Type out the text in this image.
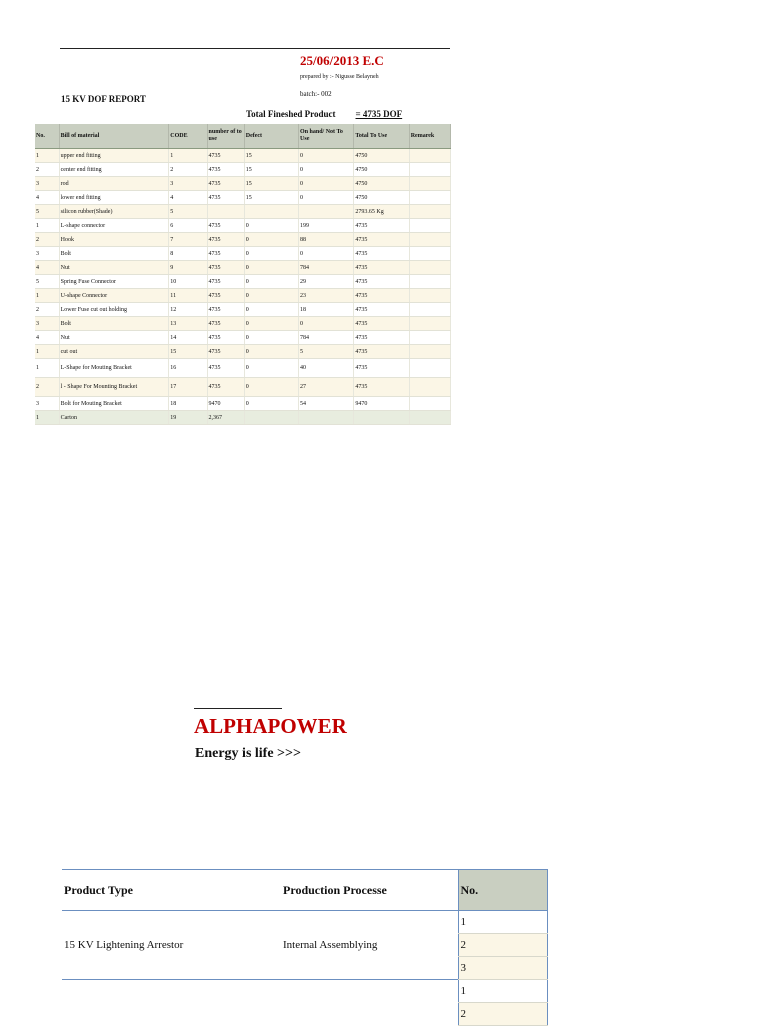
25/06/2013 E.C
prepared by :- Nigusse Belayneh
batch:- 002
15 KV DOF REPORT
Total Fineshed Product = 4735 DOF
No.	Bill of material	CODE	number of to use	Defect	On hand/ Not To Use	Total To Use	Remarek
1	upper end fitting	1	4735	15	0	4750	
2	center end fitting	2	4735	15	0	4750	
3	rod	3	4735	15	0	4750	
4	lower end fitting	4	4735	15	0	4750	
5	silicon rubber(Shade)	5				2793.65 Kg	
1	L-shape connector	6	4735	0	199	4735	
2	Hook	7	4735	0	88	4735	
3	Bolt	8	4735	0	0	4735	
4	Nut	9	4735	0	784	4735	
5	Spring Fuse Connector	10	4735	0	29	4735	
1	U-shape Connector	11	4735	0	23	4735	
2	Lower Fuse cut out holding	12	4735	0	18	4735	
3	Bolt	13	4735	0	0	4735	
4	Nut	14	4735	0	784	4735	
1	cut out	15	4735	0	5	4735	
1	L-Shape for Mouting Bracket	16	4735	0	40	4735	
2	l - Shape For Mounting Bracket	17	4735	0	27	4735	
3	Bolt for Mouting Bracket	18	9470	0	54	9470	
1	Carton	19	2,367				
ALPHAPOWER
Energy is life >>>
Product Type	Production Processe	No.
15 KV Lightening Arrestor	Internal Assemblying	1
		2
		3
		1
		2
